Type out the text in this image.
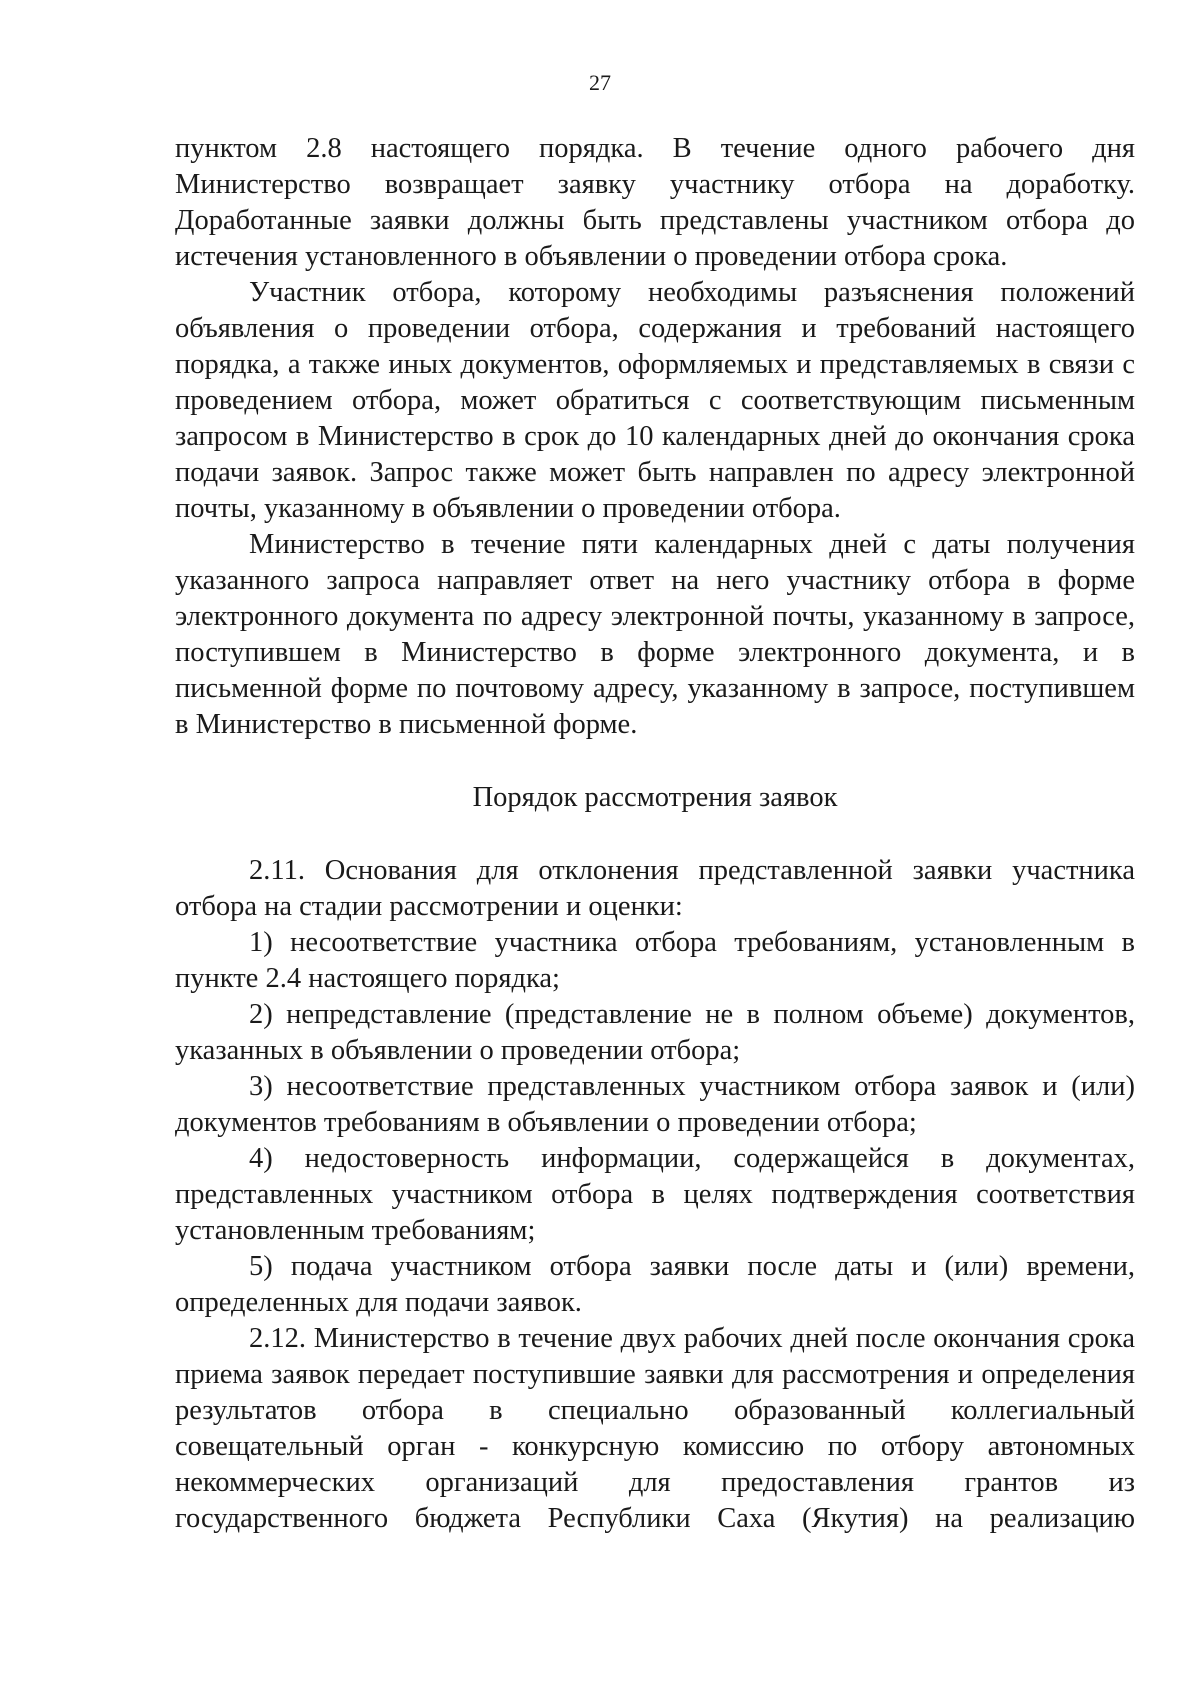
27

пунктом 2.8 настоящего порядка. В течение одного рабочего дня Министерство возвращает заявку участнику отбора на доработку. Доработанные заявки должны быть представлены участником отбора до истечения установленного в объявлении о проведении отбора срока.

Участник отбора, которому необходимы разъяснения положений объявления о проведении отбора, содержания и требований настоящего порядка, а также иных документов, оформляемых и представляемых в связи с проведением отбора, может обратиться с соответствующим письменным запросом в Министерство в срок до 10 календарных дней до окончания срока подачи заявок. Запрос также может быть направлен по адресу электронной почты, указанному в объявлении о проведении отбора.

Министерство в течение пяти календарных дней с даты получения указанного запроса направляет ответ на него участнику отбора в форме электронного документа по адресу электронной почты, указанному в запросе, поступившем в Министерство в форме электронного документа, и в письменной форме по почтовому адресу, указанному в запросе, поступившем в Министерство в письменной форме.

Порядок рассмотрения заявок

2.11. Основания для отклонения представленной заявки участника отбора на стадии рассмотрении и оценки:

1) несоответствие участника отбора требованиям, установленным в пункте 2.4 настоящего порядка;

2) непредставление (представление не в полном объеме) документов, указанных в объявлении о проведении отбора;

3) несоответствие представленных участником отбора заявок и (или) документов требованиям в объявлении о проведении отбора;

4) недостоверность информации, содержащейся в документах, представленных участником отбора в целях подтверждения соответствия установленным требованиям;

5) подача участником отбора заявки после даты и (или) времени, определенных для подачи заявок.

2.12. Министерство в течение двух рабочих дней после окончания срока приема заявок передает поступившие заявки для рассмотрения и определения результатов отбора в специально образованный коллегиальный совещательный орган - конкурсную комиссию по отбору автономных некоммерческих организаций для предоставления грантов из государственного бюджета Республики Саха (Якутия) на реализацию
